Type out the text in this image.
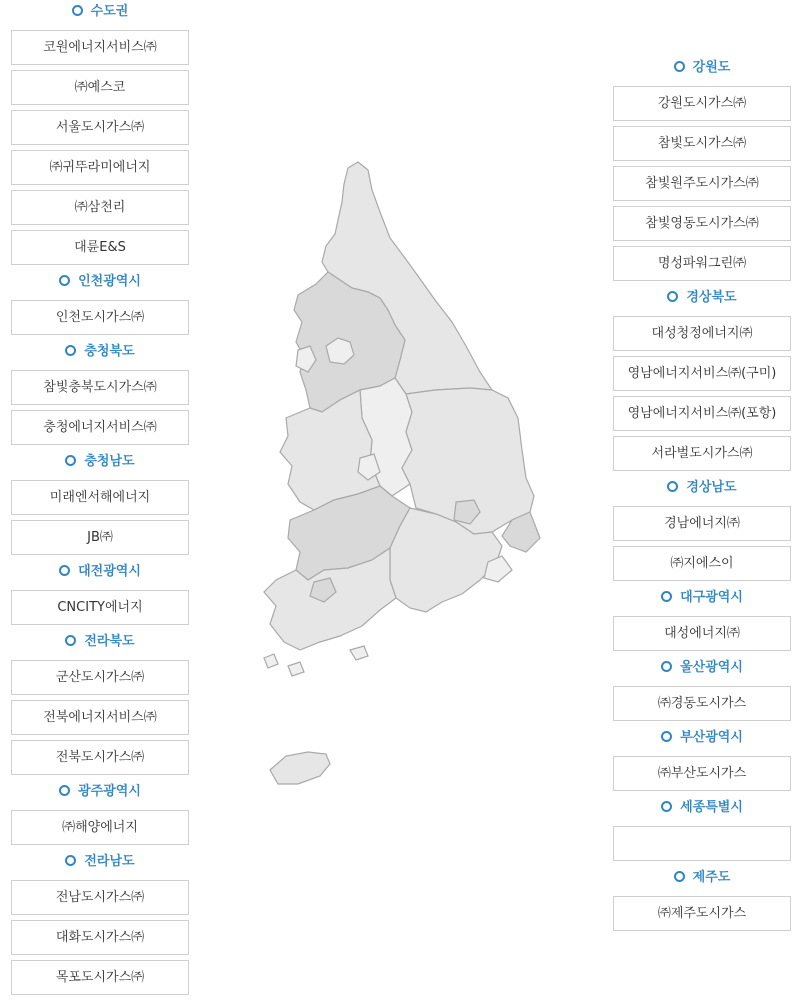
수도권
코원에너지서비스㈜
㈜예스코
서울도시가스㈜
㈜귀뚜라미에너지
㈜삼천리
대륜E&S
인천광역시
인천도시가스㈜
충청북도
참빛충북도시가스㈜
충청에너지서비스㈜
충청남도
미래엔서해에너지
JB㈜
대전광역시
CNCITY에너지
전라북도
군산도시가스㈜
전북에너지서비스㈜
전북도시가스㈜
광주광역시
㈜해양에너지
전라남도
전남도시가스㈜
대화도시가스㈜
목포도시가스㈜
강원도
강원도시가스㈜
참빛도시가스㈜
참빛원주도시가스㈜
참빛영동도시가스㈜
명성파워그린㈜
경상북도
대성청정에너지㈜
영남에너지서비스㈜(구미)
영남에너지서비스㈜(포항)
서라벌도시가스㈜
경상남도
경남에너지㈜
㈜지에스이
대구광역시
대성에너지㈜
울산광역시
㈜경동도시가스
부산광역시
㈜부산도시가스
세종특별시
제주도
㈜제주도시가스
